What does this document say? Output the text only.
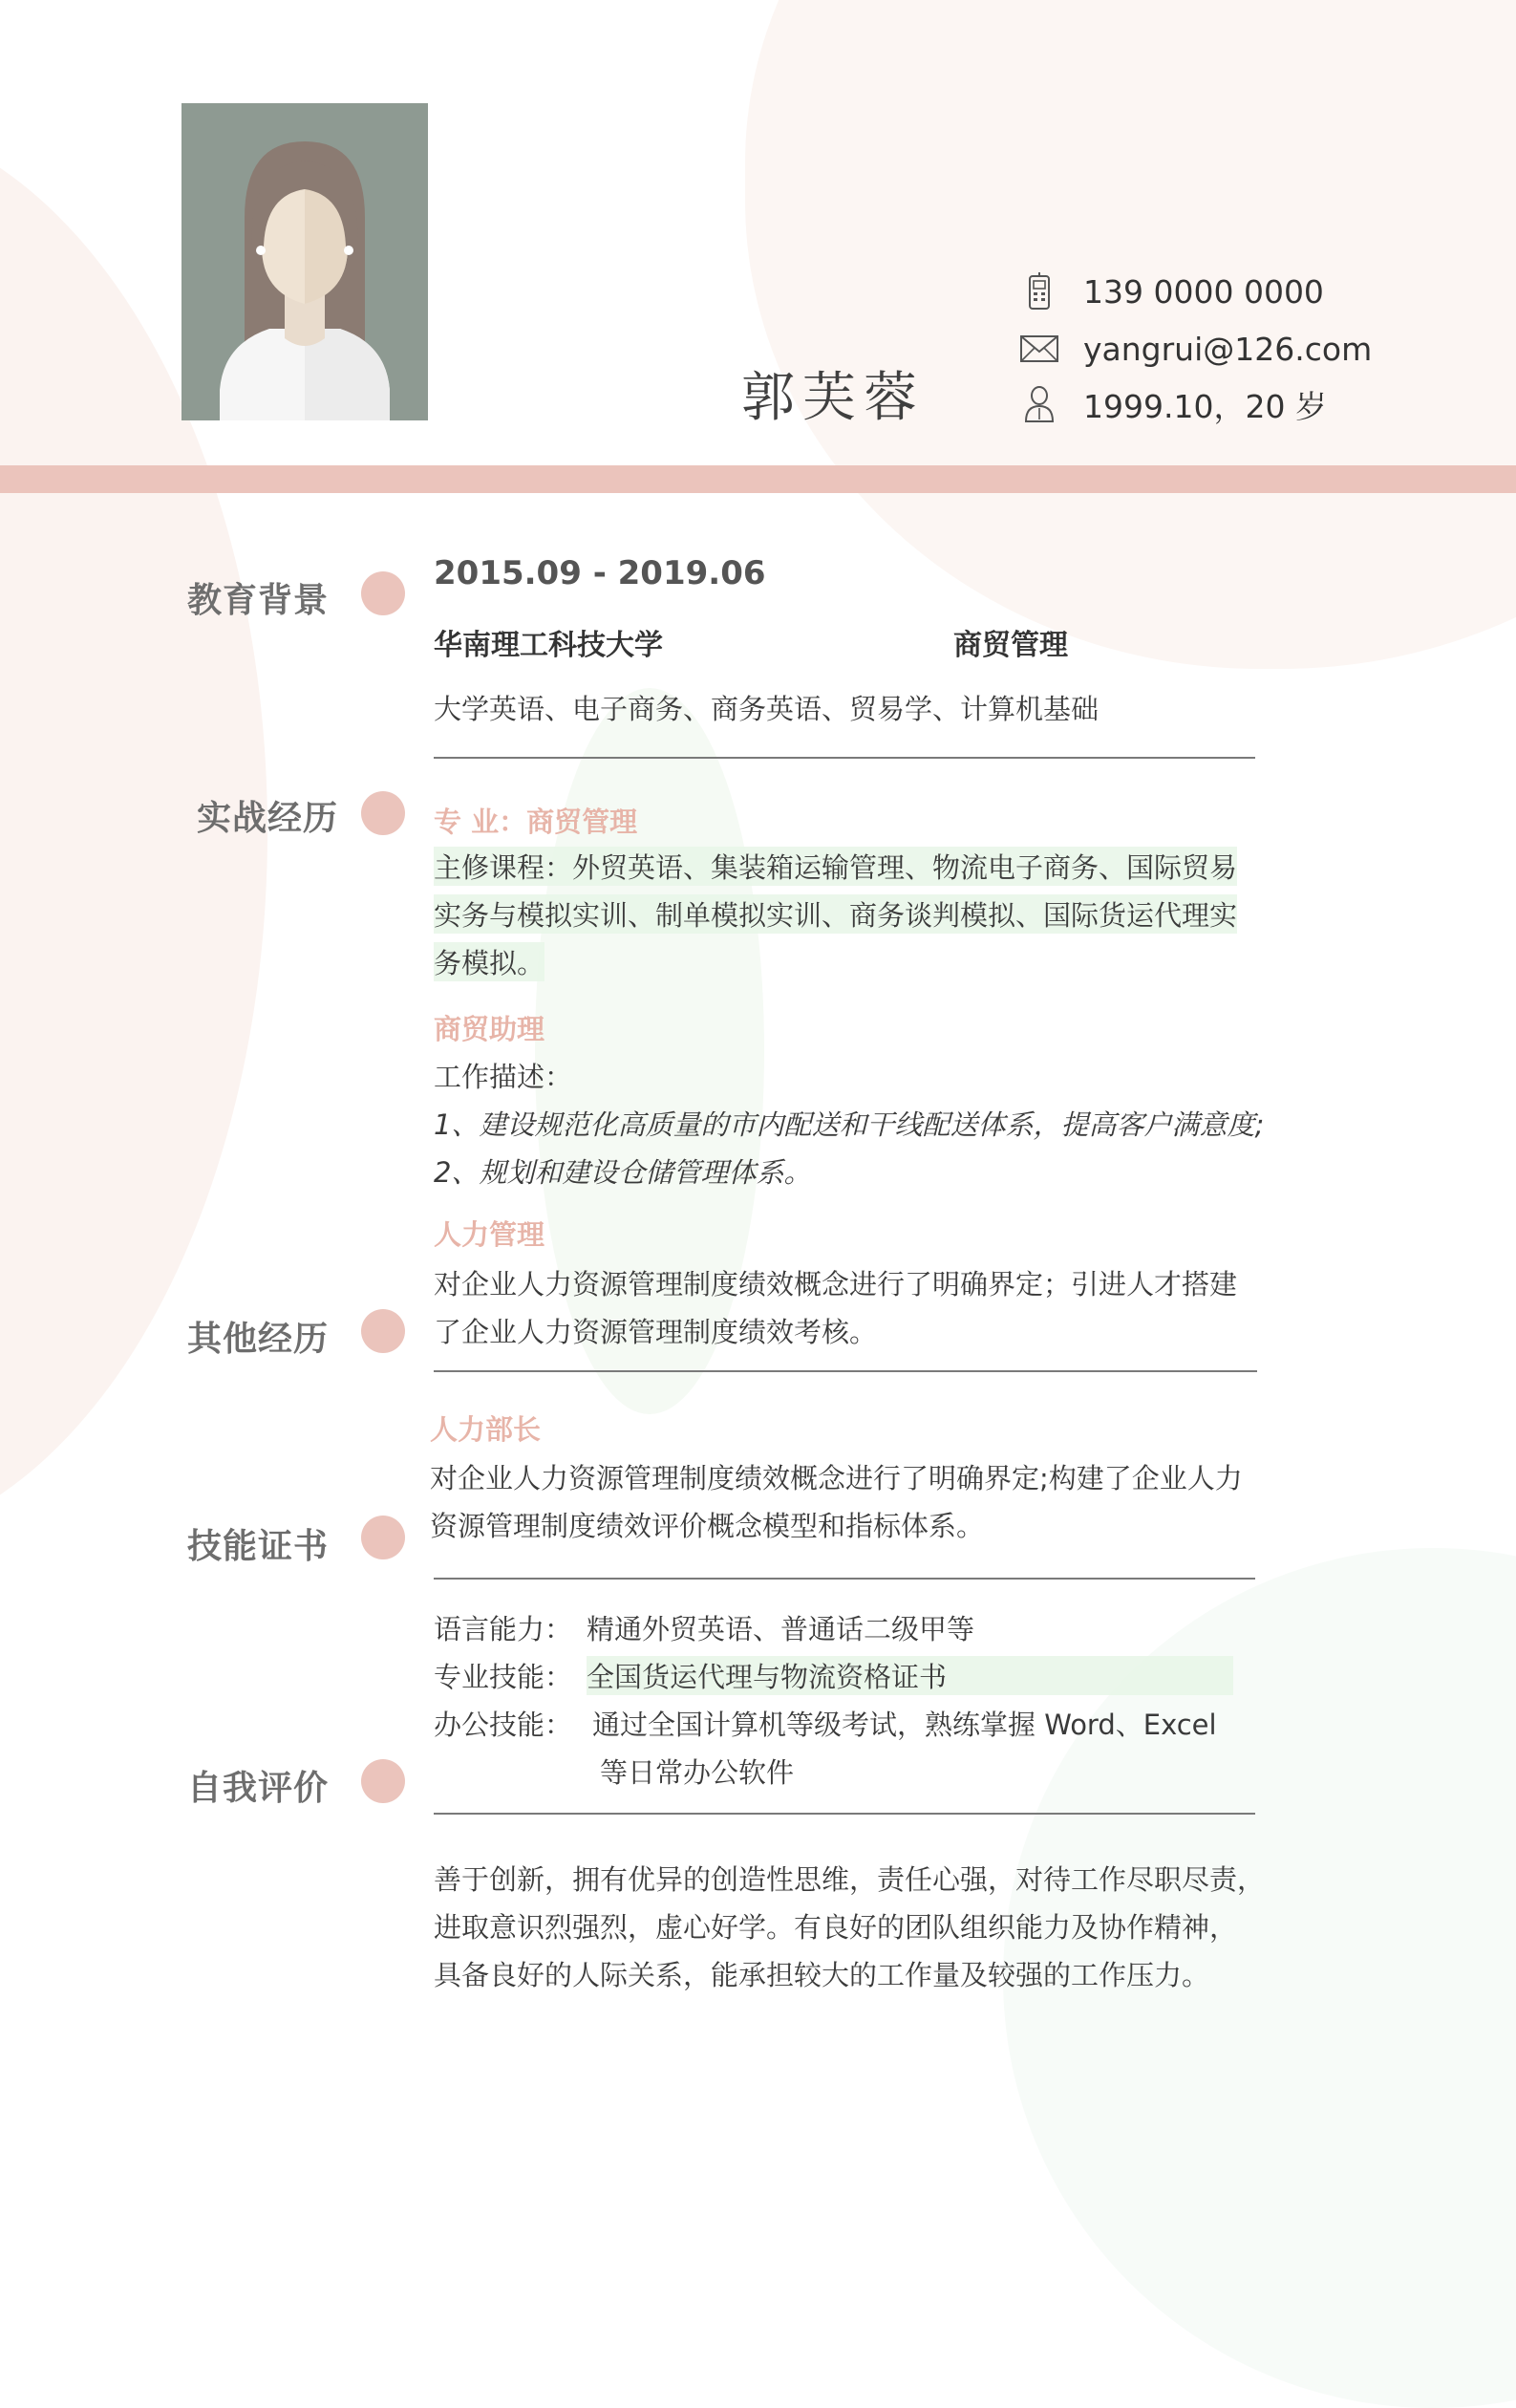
郭芙蓉
139 0000 0000
yangrui@126.com
1999.10，20 岁
教育背景
实战经历
其他经历
技能证书
自我评价
2015.09 - 2019.06
华南理工科技大学	商贸管理
大学英语、电子商务、商务英语、贸易学、计算机基础
专 业：商贸管理
主修课程：外贸英语、集装箱运输管理、物流电子商务、国际贸易
实务与模拟实训、制单模拟实训、商务谈判模拟、国际货运代理实
务模拟。
商贸助理
工作描述：
1、建设规范化高质量的市内配送和干线配送体系，提高客户满意度;
2、规划和建设仓储管理体系。
人力管理
对企业人力资源管理制度绩效概念进行了明确界定；引进人才搭建
了企业人力资源管理制度绩效考核。
人力部长
对企业人力资源管理制度绩效概念进行了明确界定;构建了企业人力
资源管理制度绩效评价概念模型和指标体系。
语言能力： 精通外贸英语、普通话二级甲等
专业技能： 全国货运代理与物流资格证书
办公技能： 通过全国计算机等级考试，熟练掌握 Word、Excel
等日常办公软件
善于创新，拥有优异的创造性思维，责任心强，对待工作尽职尽责，
进取意识烈强烈，虚心好学。有良好的团队组织能力及协作精神，
具备良好的人际关系，能承担较大的工作量及较强的工作压力。
